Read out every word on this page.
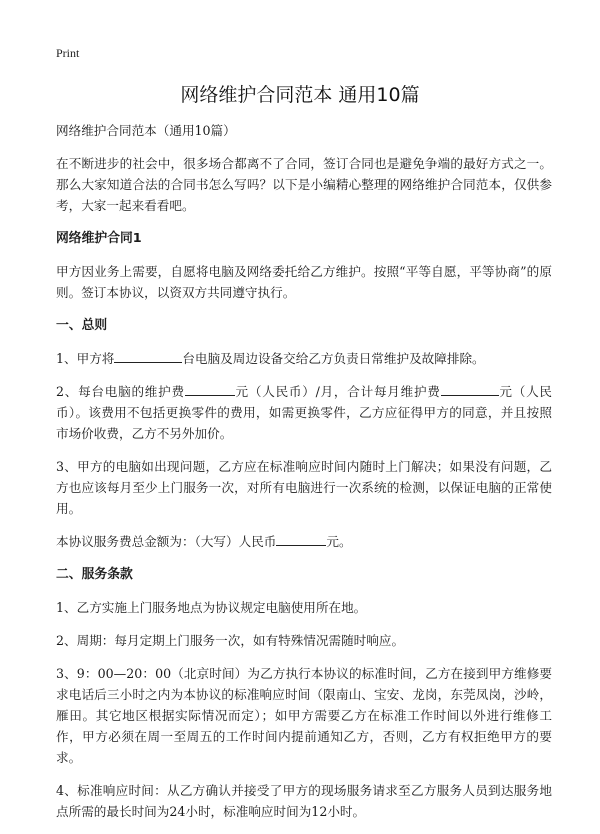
Print
网络维护合同范本 通用10篇

网络维护合同范本（通用10篇）

在不断进步的社会中，很多场合都离不了合同，签订合同也是避免争端的最好方式之一。那么大家知道合法的合同书怎么写吗？以下是小编精心整理的网络维护合同范本，仅供参考，大家一起来看看吧。

网络维护合同1

甲方因业务上需要，自愿将电脑及网络委托给乙方维护。按照“平等自愿，平等协商”的原则。签订本协议，以资双方共同遵守执行。

一、总则

1、甲方将	台电脑及周边设备交给乙方负责日常维护及故障排除。

2、每台电脑的维护费	元（人民币）/月，合计每月维护费	元（人民币）。该费用不包括更换零件的费用，如需更换零件，乙方应征得甲方的同意，并且按照市场价收费，乙方不另外加价。

3、甲方的电脑如出现问题，乙方应在标准响应时间内随时上门解决；如果没有问题，乙方也应该每月至少上门服务一次，对所有电脑进行一次系统的检测，以保证电脑的正常使用。

本协议服务费总金额为：（大写）人民币	元。

二、服务条款

1、乙方实施上门服务地点为协议规定电脑使用所在地。

2、周期：每月定期上门服务一次，如有特殊情况需随时响应。

3、9：00—20：00（北京时间）为乙方执行本协议的标准时间，乙方在接到甲方维修要求电话后三小时之内为本协议的标准响应时间（限南山、宝安、龙岗，东莞凤岗，沙岭，雁田。其它地区根据实际情况而定）；如甲方需要乙方在标准工作时间以外进行维修工作，甲方必须在周一至周五的工作时间内提前通知乙方，否则，乙方有权拒绝甲方的要求。

4、标准响应时间：从乙方确认并接受了甲方的现场服务请求至乙方服务人员到达服务地点所需的最长时间为24小时，标准响应时间为12小时。
